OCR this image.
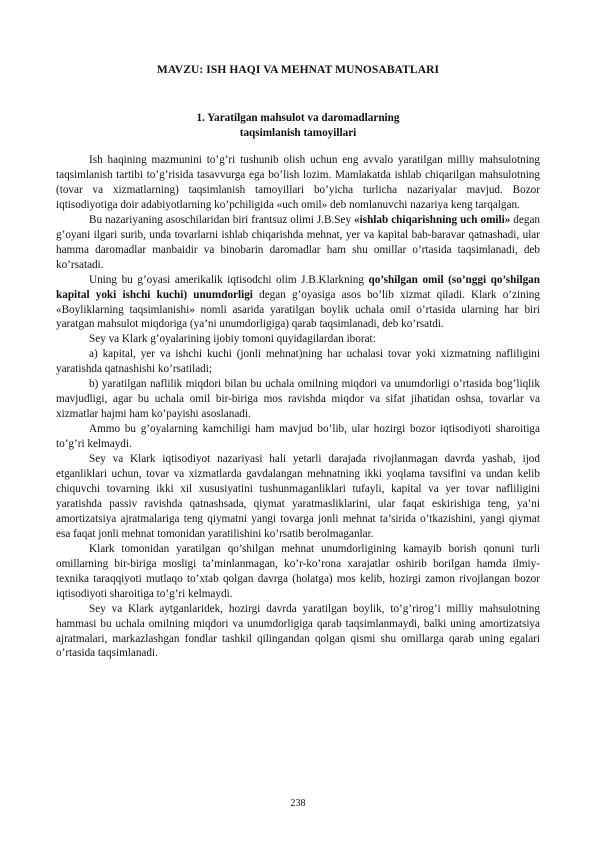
MAVZU: ISH HAQI VA MEHNAT MUNOSABATLARI
1. Yaratilgan mahsulot va daromadlarning
taqsimlanish tamoyillari

Ish haqining mazmunini to’g’ri tushunib olish uchun eng avvalo yaratilgan milliy mahsulotning taqsimlanish tartibi to’g’risida tasavvurga ega bo’lish lozim. Mamlakatda ishlab chiqarilgan mahsulotning (tovar va xizmatlarning) taqsimlanish tamoyillari bo’yicha turlicha nazariyalar mavjud. Bozor iqtisodiyotiga doir adabiyotlarning ko’pchiligida «uch omil» deb nomlanuvchi nazariya keng tarqalgan.

Bu nazariyaning asoschilaridan biri frantsuz olimi J.B.Sey «ishlab chiqarishning uch omili» degan g’oyani ilgari surib, unda tovarlarni ishlab chiqarishda mehnat, yer va kapital bab-baravar qatnashadi, ular hamma daromadlar manbaidir va binobarin daromadlar ham shu omillar o’rtasida taqsimlanadi, deb ko’rsatadi.

Uning bu g’oyasi amerikalik iqtisodchi olim J.B.Klarkning qo’shilgan omil (so’nggi qo’shilgan kapital yoki ishchi kuchi) unumdorligi degan g’oyasiga asos bo’lib xizmat qiladi. Klark o’zining «Boyliklarning taqsimlanishi» nomli asarida yaratilgan boylik uchala omil o’rtasida ularning har biri yaratgan mahsulot miqdoriga (ya’ni unumdorligiga) qarab taqsimlanadi, deb ko’rsatdi.

Sey va Klark g’oyalarining ijobiy tomoni quyidagilardan iborat:

a) kapital, yer va ishchi kuchi (jonli mehnat)ning har uchalasi tovar yoki xizmatning nafliligini yaratishda qatnashishi ko’rsatiladi;

b) yaratilgan naflilik miqdori bilan bu uchala omilning miqdori va unumdorligi o’rtasida bog’liqlik mavjudligi, agar bu uchala omil bir-biriga mos ravishda miqdor va sifat jihatidan oshsa, tovarlar va xizmatlar hajmi ham ko’payishi asoslanadi.

Ammo bu g’oyalarning kamchiligi ham mavjud bo’lib, ular hozirgi bozor iqtisodiyoti sharoitiga to’g’ri kelmaydi.

Sey va Klark iqtisodiyot nazariyasi hali yetarli darajada rivojlanmagan davrda yashab, ijod etganliklari uchun, tovar va xizmatlarda gavdalangan mehnatning ikki yoqlama tavsifini va undan kelib chiquvchi tovarning ikki xil xususiyatini tushunmaganliklari tufayli, kapital va yer tovar nafliligini yaratishda passiv ravishda qatnashsada, qiymat yaratmasliklarini, ular faqat eskirishiga teng, ya’ni amortizatsiya ajratmalariga teng qiymatni yangi tovarga jonli mehnat ta’sirida o’tkazishini, yangi qiymat esa faqat jonli mehnat tomonidan yaratilishini ko’rsatib berolmaganlar.

Klark tomonidan yaratilgan qo’shilgan mehnat unumdorligining kamayib borish qonuni turli omillarning bir-biriga mosligi ta’minlanmagan, ko’r-ko’rona xarajatlar oshirib borilgan hamda ilmiy-texnika taraqqiyoti mutlaqo to’xtab qolgan davrga (holatga) mos kelib, hozirgi zamon rivojlangan bozor iqtisodiyoti sharoitiga to’g’ri kelmaydi.

Sey va Klark aytganlaridek, hozirgi davrda yaratilgan boylik, to’g’rirog’i milliy mahsulotning hammasi bu uchala omilning miqdori va unumdorligiga qarab taqsimlanmaydi, balki uning amortizatsiya ajratmalari, markazlashgan fondlar tashkil qilingandan qolgan qismi shu omillarga qarab uning egalari o’rtasida taqsimlanadi.

238
